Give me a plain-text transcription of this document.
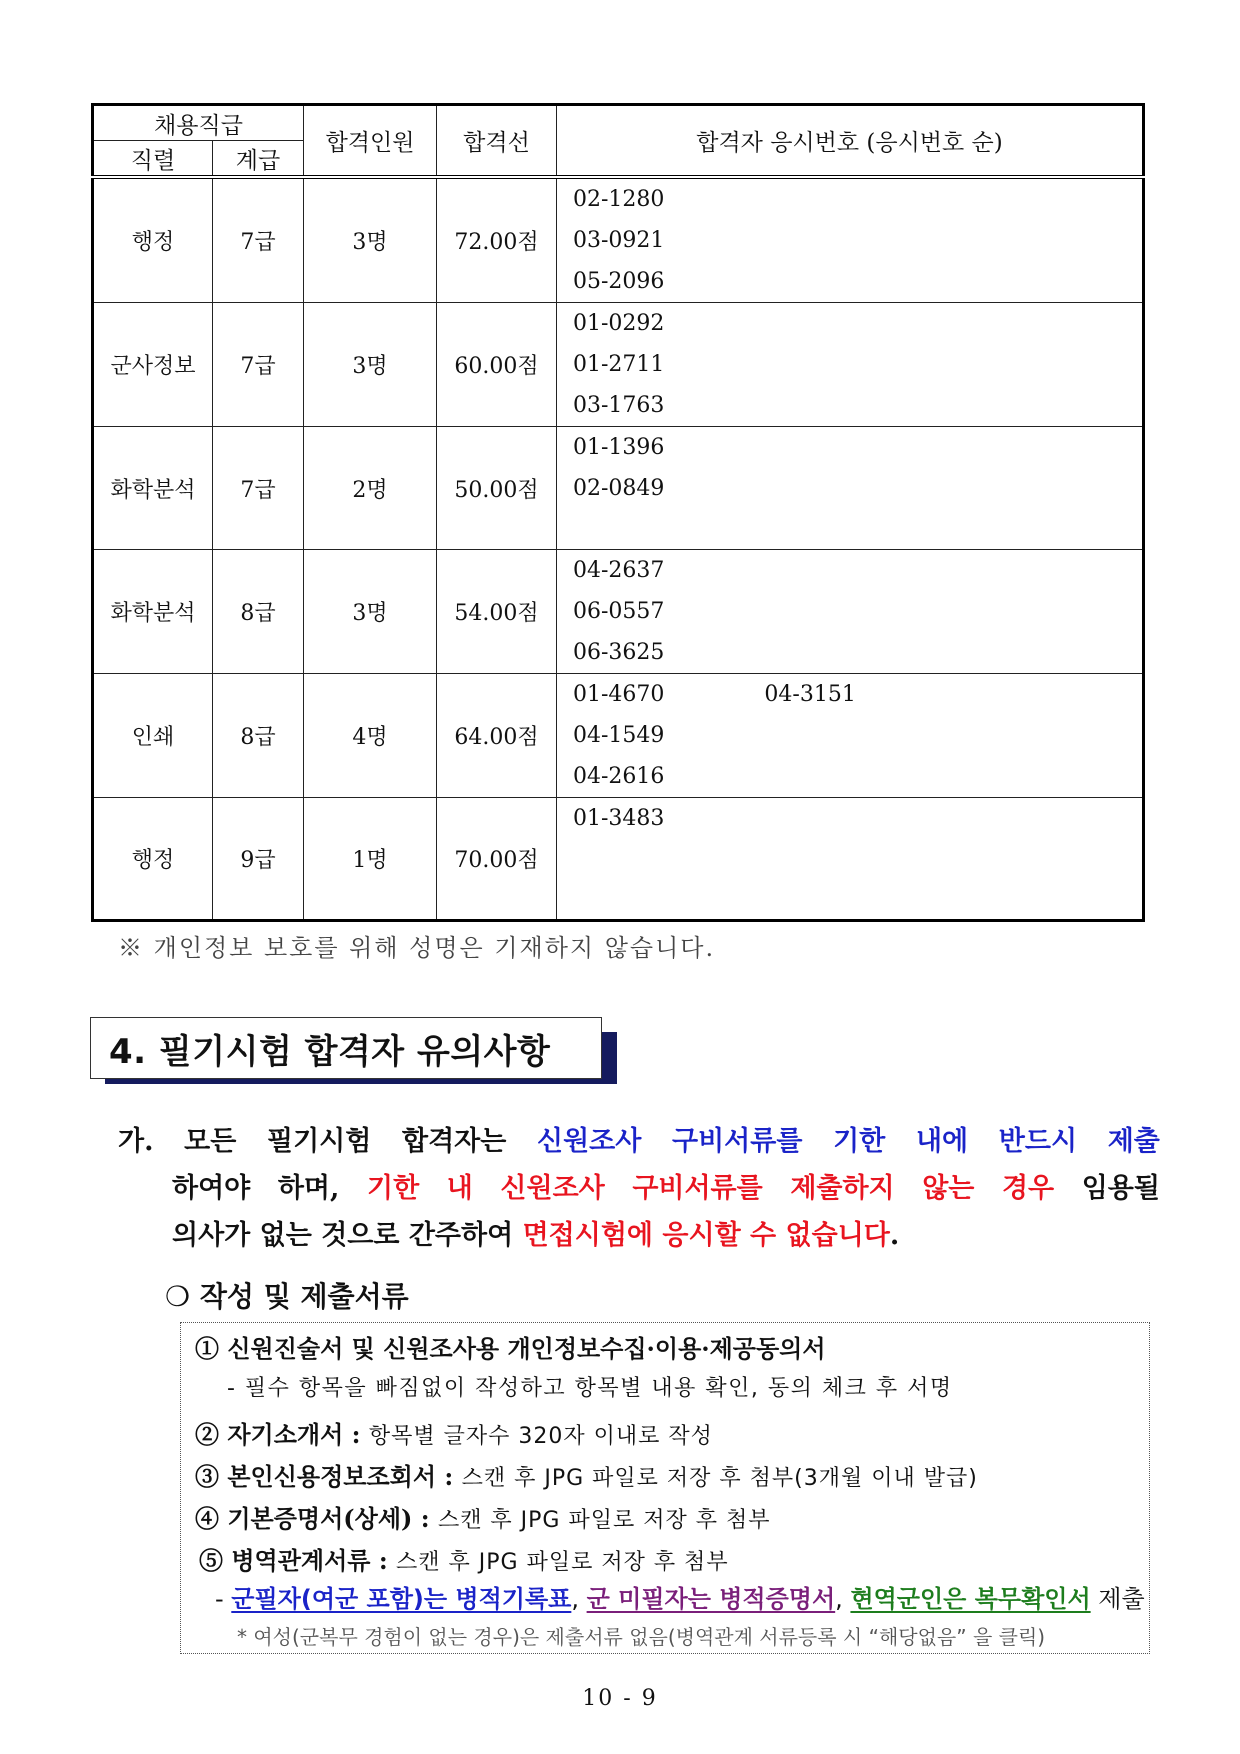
채용직급		합격인원	합격선	합격자 응시번호 (응시번호 순)
직렬	계급			
행정	7급	3명	72.00점	02-1280
03-0921
05-2096

군사정보	7급	3명	60.00점	01-0292
01-2711
03-1763

화학분석	7급	2명	50.00점	01-1396
02-0849

화학분석	8급	3명	54.00점	04-2637
06-0557
06-3625

인쇄	8급	4명	64.00점	01-4670 04-3151
04-1549
04-2616

행정	9급	1명	70.00점	01-3483
※ 개인정보 보호를 위해 성명은 기재하지 않습니다.
4. 필기시험 합격자 유의사항
가. 모든 필기시험 합격자는 신원조사 구비서류를 기한 내에 반드시 제출
하여야 하며, 기한 내 신원조사 구비서류를 제출하지 않는 경우 임용될
의사가 없는 것으로 간주하여 면접시험에 응시할 수 없습니다.
❍ 작성 및 제출서류
① 신원진술서 및 신원조사용 개인정보수집·이용·제공동의서
- 필수 항목을 빠짐없이 작성하고 항목별 내용 확인, 동의 체크 후 서명
② 자기소개서 : 항목별 글자수 320자 이내로 작성
③ 본인신용정보조회서 : 스캔 후 JPG 파일로 저장 후 첨부(3개월 이내 발급)
④ 기본증명서(상세) : 스캔 후 JPG 파일로 저장 후 첨부
⑤ 병역관계서류 : 스캔 후 JPG 파일로 저장 후 첨부
- 군필자(여군 포함)는 병적기록표, 군 미필자는 병적증명서, 현역군인은 복무확인서 제출
* 여성(군복무 경험이 없는 경우)은 제출서류 없음(병역관계 서류등록 시 “해당없음” 을 클릭)
10 - 9
